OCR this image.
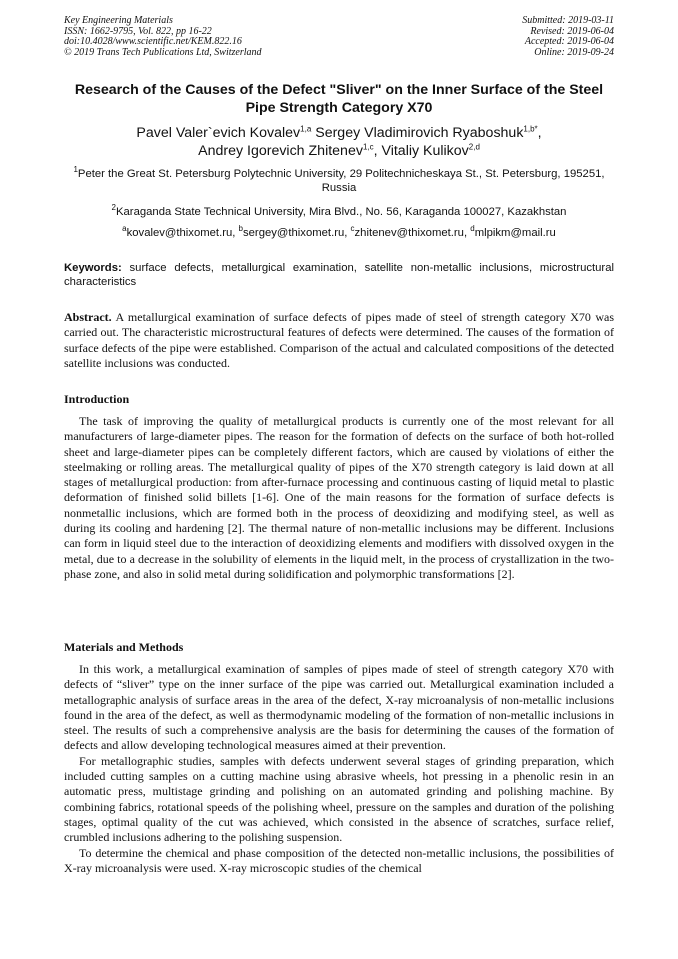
Key Engineering Materials
ISSN: 1662-9795, Vol. 822, pp 16-22
doi:10.4028/www.scientific.net/KEM.822.16
© 2019 Trans Tech Publications Ltd, Switzerland
Submitted: 2019-03-11
Revised: 2019-06-04
Accepted: 2019-06-04
Online: 2019-09-24
Research of the Causes of the Defect "Sliver" on the Inner Surface of the Steel Pipe Strength Category X70
Pavel Valer`evich Kovalev$^{1,a}$ Sergey Vladimirovich Ryaboshuk$^{1,b*}$,
Andrey Igorevich Zhitenev$^{1,c}$, Vitaliy Kulikov$^{2,d}$
$^1$Peter the Great St. Petersburg Polytechnic University, 29 Politechnicheskaya St., St. Petersburg, 195251, Russia
$^2$Karaganda State Technical University, Mira Blvd., No. 56, Karaganda 100027, Kazakhstan
$^a$kovalev@thixomet.ru, $^b$sergey@thixomet.ru, $^c$zhitenev@thixomet.ru, $^d$mlpikm@mail.ru
Keywords: surface defects, metallurgical examination, satellite non-metallic inclusions, microstructural characteristics

Abstract. A metallurgical examination of surface defects of pipes made of steel of strength category X70 was carried out. The characteristic microstructural features of defects were determined. The causes of the formation of surface defects of the pipe were established. Comparison of the actual and calculated compositions of the detected satellite inclusions was conducted.

Introduction

The task of improving the quality of metallurgical products is currently one of the most relevant for all manufacturers of large-diameter pipes. The reason for the formation of defects on the surface of both hot-rolled sheet and large-diameter pipes can be completely different factors, which are caused by violations of either the steelmaking or rolling areas. The metallurgical quality of pipes of the X70 strength category is laid down at all stages of metallurgical production: from after-furnace processing and continuous casting of liquid metal to plastic deformation of finished solid billets [1-6]. One of the main reasons for the formation of surface defects is nonmetallic inclusions, which are formed both in the process of deoxidizing and modifying steel, as well as during its cooling and hardening [2]. The thermal nature of non-metallic inclusions may be different. Inclusions can form in liquid steel due to the interaction of deoxidizing elements and modifiers with dissolved oxygen in the metal, due to a decrease in the solubility of elements in the liquid melt, in the process of crystallization in the two-phase zone, and also in solid metal during solidification and polymorphic transformations [2].

Materials and Methods

In this work, a metallurgical examination of samples of pipes made of steel of strength category X70 with defects of “sliver” type on the inner surface of the pipe was carried out. Metallurgical examination included a metallographic analysis of surface areas in the area of the defect, X-ray microanalysis of non-metallic inclusions found in the area of the defect, as well as thermodynamic modeling of the formation of non-metallic inclusions in steel. The results of such a comprehensive analysis are the basis for determining the causes of the formation of defects and allow developing technological measures aimed at their prevention.

For metallographic studies, samples with defects underwent several stages of grinding preparation, which included cutting samples on a cutting machine using abrasive wheels, hot pressing in a phenolic resin in an automatic press, multistage grinding and polishing on an automated grinding and polishing machine. By combining fabrics, rotational speeds of the polishing wheel, pressure on the samples and duration of the polishing stages, optimal quality of the cut was achieved, which consisted in the absence of scratches, surface relief, crumbled inclusions adhering to the polishing suspension.

To determine the chemical and phase composition of the detected non-metallic inclusions, the possibilities of X-ray microanalysis were used. X-ray microscopic studies of the chemical
